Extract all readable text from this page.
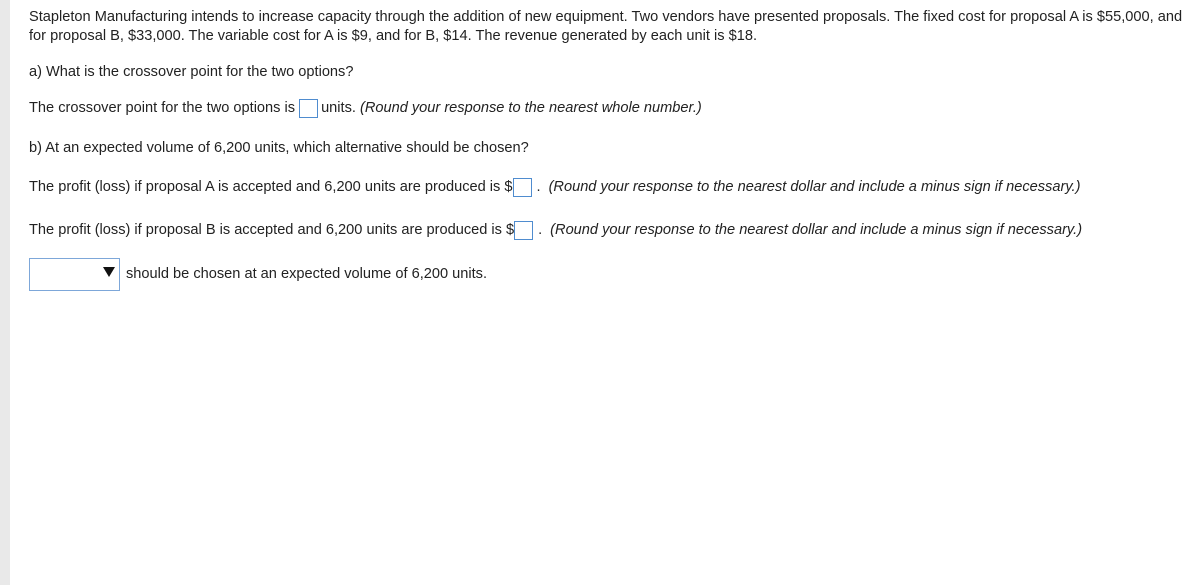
Stapleton Manufacturing intends to increase capacity through the addition of new equipment. Two vendors have presented proposals. The fixed cost for proposal A is $55,000, and for proposal B, $33,000. The variable cost for A is $9, and for B, $14. The revenue generated by each unit is $18.

a) What is the crossover point for the two options?
The crossover point for the two options is units. (Round your response to the nearest whole number.)
b) At an expected volume of 6,200 units, which alternative should be chosen?
The profit (loss) if proposal A is accepted and 6,200 units are produced is $ . (Round your response to the nearest dollar and include a minus sign if necessary.)
The profit (loss) if proposal B is accepted and 6,200 units are produced is $ . (Round your response to the nearest dollar and include a minus sign if necessary.)
should be chosen at an expected volume of 6,200 units.
